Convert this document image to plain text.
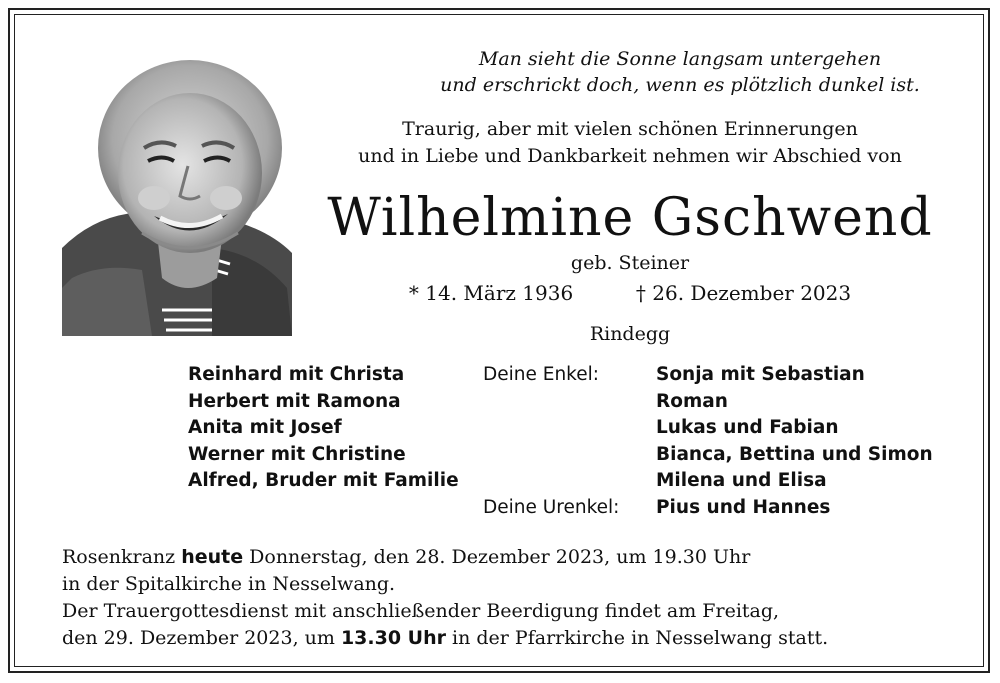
Man sieht die Sonne langsam untergehen
und erschrickt doch, wenn es plötzlich dunkel ist.
Traurig, aber mit vielen schönen Erinnerungen
und in Liebe und Dankbarkeit nehmen wir Abschied von
Wilhelmine Gschwend
geb. Steiner
* 14. März 1936	† 26. Dezember 2023
Rindegg
Reinhard mit Christa
Herbert mit Ramona
Anita mit Josef
Werner mit Christine
Alfred, Bruder mit Familie
Deine Enkel:
Deine Urenkel:
Sonja mit Sebastian
Roman
Lukas und Fabian
Bianca, Bettina und Simon
Milena und Elisa
Pius und Hannes
Rosenkranz heute Donnerstag, den 28. Dezember 2023, um 19.30 Uhr
in der Spitalkirche in Nesselwang.
Der Trauergottesdienst mit anschließender Beerdigung findet am Freitag,
den 29. Dezember 2023, um 13.30 Uhr in der Pfarrkirche in Nesselwang statt.
